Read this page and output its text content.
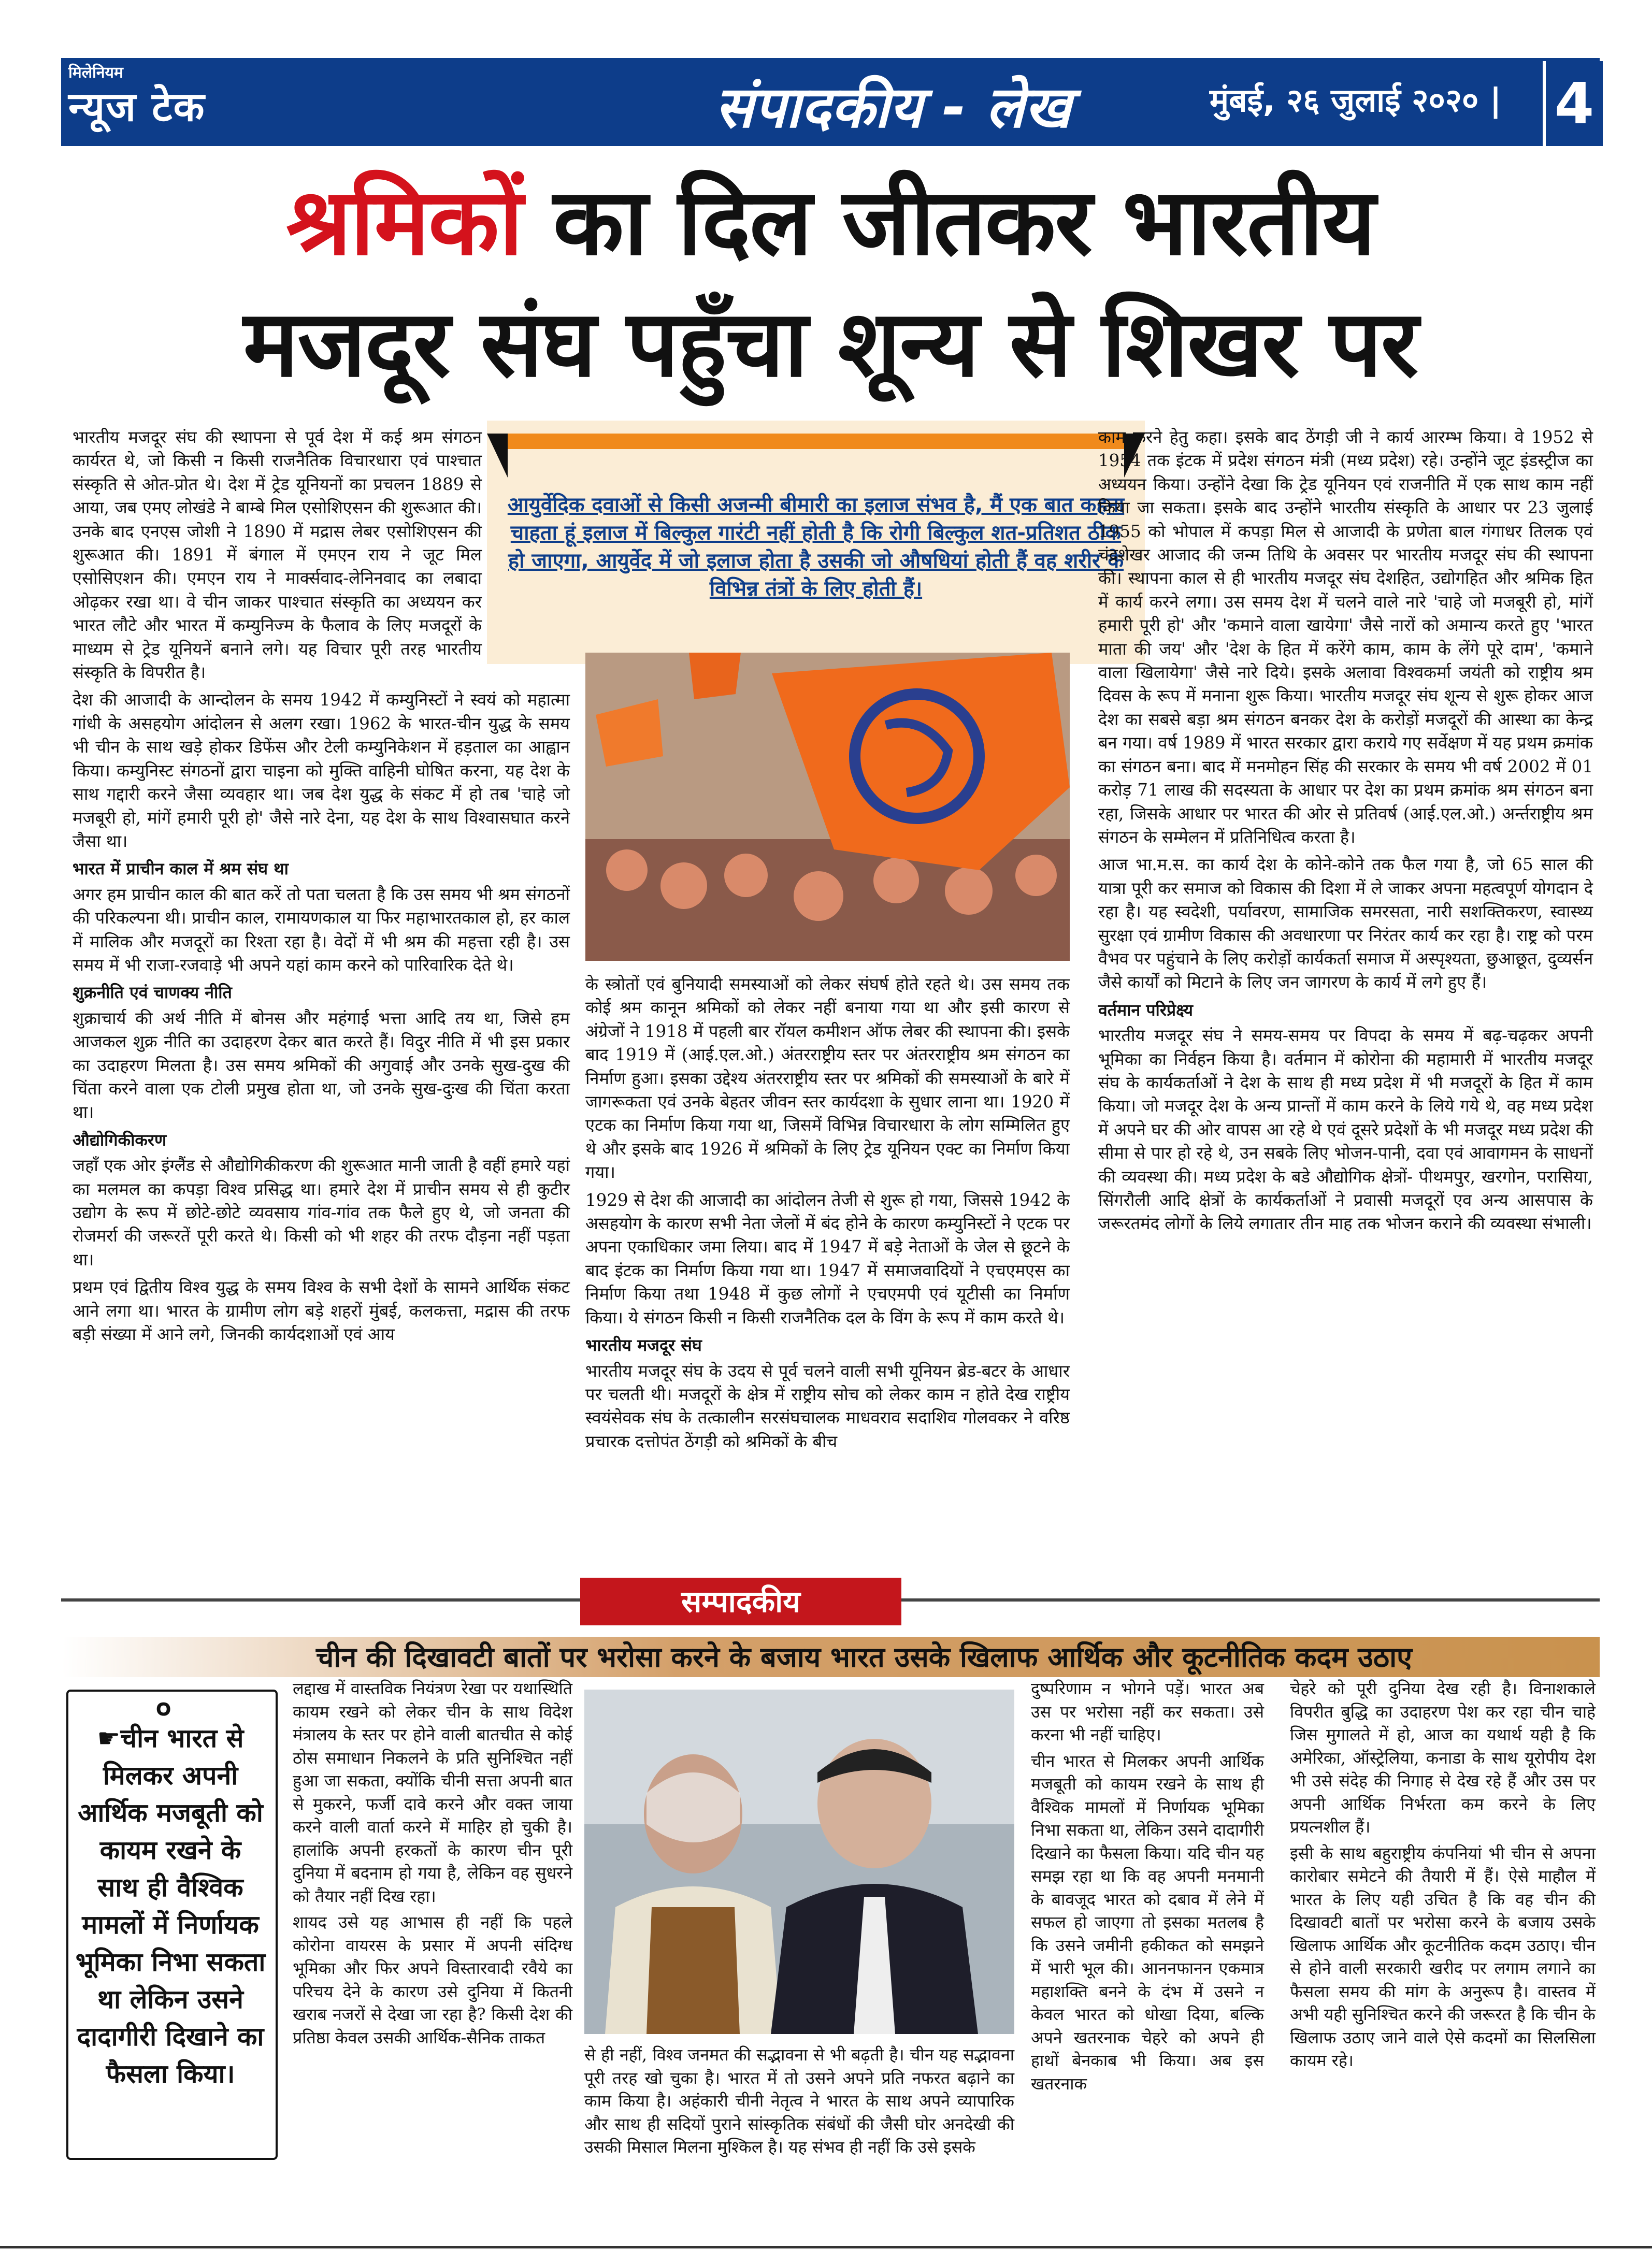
मिलेनियम
न्यूज टेक	संपादकीय - लेख	मुंबई, २६ जुलाई २०२० | 4
श्रमिकों का दिल जीतकर भारतीय
मजदूर संघ पहुँचा शून्य से शिखर पर
आयुर्वेदिक दवाओं से किसी अजन्मी बीमारी का इलाज संभव है, मैं एक बात कहना चाहता हूं इलाज में बिल्कुल गारंटी नहीं होती है कि रोगी बिल्कुल शत-प्रतिशत ठीक हो जाएगा, आयुर्वेद में जो इलाज होता है उसकी जो औषधियां होती हैं वह शरीर के विभिन्न तंत्रों के लिए होती हैं।

भारतीय मजदूर संघ की स्थापना से पूर्व देश में कई श्रम संगठन कार्यरत थे, जो किसी न किसी राजनैतिक विचारधारा एवं पाश्चात संस्कृति से ओत-प्रोत थे। देश में ट्रेड यूनियनों का प्रचलन 1889 से आया, जब एमए लोखंडे ने बाम्बे मिल एसोशिएसन की शुरूआत की। उनके बाद एनएस जोशी ने 1890 में मद्रास लेबर एसोशिएसन की शुरूआत की। 1891 में बंगाल में एमएन राय ने जूट मिल एसोसिएशन की। एमएन राय ने मार्क्सवाद-लेनिनवाद का लबादा ओढ़कर रखा था। वे चीन जाकर पाश्चात संस्कृति का अध्ययन कर भारत लौटे और भारत में कम्युनिज्म के फैलाव के लिए मजदूरों के माध्यम से ट्रेड यूनियनें बनाने लगे। यह विचार पूरी तरह भारतीय संस्कृति के विपरीत है।

देश की आजादी के आन्दोलन के समय 1942 में कम्युनिस्टों ने स्वयं को महात्मा गांधी के असहयोग आंदोलन से अलग रखा। 1962 के भारत-चीन युद्ध के समय भी चीन के साथ खड़े होकर डिफेंस और टेली कम्युनिकेशन में हड़ताल का आह्वान किया। कम्युनिस्ट संगठनों द्वारा चाइना को मुक्ति वाहिनी घोषित करना, यह देश के साथ गद्दारी करने जैसा व्यवहार था। जब देश युद्ध के संकट में हो तब 'चाहे जो मजबूरी हो, मांगें हमारी पूरी हो' जैसे नारे देना, यह देश के साथ विश्वासघात करने जैसा था।

भारत में प्राचीन काल में श्रम संघ था

अगर हम प्राचीन काल की बात करें तो पता चलता है कि उस समय भी श्रम संगठनों की परिकल्पना थी। प्राचीन काल, रामायणकाल या फिर महाभारतकाल हो, हर काल में मालिक और मजदूरों का रिश्ता रहा है। वेदों में भी श्रम की महत्ता रही है। उस समय में भी राजा-रजवाड़े भी अपने यहां काम करने को पारिवारिक देते थे।

शुक्रनीति एवं चाणक्य नीति

शुक्राचार्य की अर्थ नीति में बोनस और महंगाई भत्ता आदि तय था, जिसे हम आजकल शुक्र नीति का उदाहरण देकर बात करते हैं। विदुर नीति में भी इस प्रकार का उदाहरण मिलता है। उस समय श्रमिकों की अगुवाई और उनके सुख-दुख की चिंता करने वाला एक टोली प्रमुख होता था, जो उनके सुख-दुःख की चिंता करता था।

औद्योगिकीकरण

जहाँ एक ओर इंग्लैंड से औद्योगिकीकरण की शुरूआत मानी जाती है वहीं हमारे यहां का मलमल का कपड़ा विश्व प्रसिद्ध था। हमारे देश में प्राचीन समय से ही कुटीर उद्योग के रूप में छोटे-छोटे व्यवसाय गांव-गांव तक फैले हुए थे, जो जनता की रोजमर्रा की जरूरतें पूरी करते थे। किसी को भी शहर की तरफ दौड़ना नहीं पड़ता था।

प्रथम एवं द्वितीय विश्व युद्ध के समय विश्व के सभी देशों के सामने आर्थिक संकट आने लगा था। भारत के ग्रामीण लोग बड़े शहरों मुंबई, कलकत्ता, मद्रास की तरफ बड़ी संख्या में आने लगे, जिनकी कार्यदशाओं एवं आय

के स्त्रोतों एवं बुनियादी समस्याओं को लेकर संघर्ष होते रहते थे। उस समय तक कोई श्रम कानून श्रमिकों को लेकर नहीं बनाया गया था और इसी कारण से अंग्रेजों ने 1918 में पहली बार रॉयल कमीशन ऑफ लेबर की स्थापना की। इसके बाद 1919 में (आई.एल.ओ.) अंतरराष्ट्रीय स्तर पर अंतरराष्ट्रीय श्रम संगठन का निर्माण हुआ। इसका उद्देश्य अंतरराष्ट्रीय स्तर पर श्रमिकों की समस्याओं के बारे में जागरूकता एवं उनके बेहतर जीवन स्तर कार्यदशा के सुधार लाना था। 1920 में एटक का निर्माण किया गया था, जिसमें विभिन्न विचारधारा के लोग सम्मिलित हुए थे और इसके बाद 1926 में श्रमिकों के लिए ट्रेड यूनियन एक्ट का निर्माण किया गया।

1929 से देश की आजादी का आंदोलन तेजी से शुरू हो गया, जिससे 1942 के असहयोग के कारण सभी नेता जेलों में बंद होने के कारण कम्युनिस्टों ने एटक पर अपना एकाधिकार जमा लिया। बाद में 1947 में बड़े नेताओं के जेल से छूटने के बाद इंटक का निर्माण किया गया था। 1947 में समाजवादियों ने एचएमएस का निर्माण किया तथा 1948 में कुछ लोगों ने एचएमपी एवं यूटीसी का निर्माण किया। ये संगठन किसी न किसी राजनैतिक दल के विंग के रूप में काम करते थे।

भारतीय मजदूर संघ

भारतीय मजदूर संघ के उदय से पूर्व चलने वाली सभी यूनियन ब्रेड-बटर के आधार पर चलती थी। मजदूरों के क्षेत्र में राष्ट्रीय सोच को लेकर काम न होते देख राष्ट्रीय स्वयंसेवक संघ के तत्कालीन सरसंघचालक माधवराव सदाशिव गोलवकर ने वरिष्ठ प्रचारक दत्तोपंत ठेंगड़ी को श्रमिकों के बीच

काम करने हेतु कहा। इसके बाद ठेंगड़ी जी ने कार्य आरम्भ किया। वे 1952 से 1954 तक इंटक में प्रदेश संगठन मंत्री (मध्य प्रदेश) रहे। उन्होंने जूट इंडस्ट्रीज का अध्ययन किया। उन्होंने देखा कि ट्रेड यूनियन एवं राजनीति में एक साथ काम नहीं किया जा सकता। इसके बाद उन्होंने भारतीय संस्कृति के आधार पर 23 जुलाई 1955 को भोपाल में कपड़ा मिल से आजादी के प्रणेता बाल गंगाधर तिलक एवं चंद्रशेखर आजाद की जन्म तिथि के अवसर पर भारतीय मजदूर संघ की स्थापना की। स्थापना काल से ही भारतीय मजदूर संघ देशहित, उद्योगहित और श्रमिक हित में कार्य करने लगा। उस समय देश में चलने वाले नारे 'चाहे जो मजबूरी हो, मांगें हमारी पूरी हो' और 'कमाने वाला खायेगा' जैसे नारों को अमान्य करते हुए 'भारत माता की जय' और 'देश के हित में करेंगे काम, काम के लेंगे पूरे दाम', 'कमाने वाला खिलायेगा' जैसे नारे दिये। इसके अलावा विश्वकर्मा जयंती को राष्ट्रीय श्रम दिवस के रूप में मनाना शुरू किया। भारतीय मजदूर संघ शून्य से शुरू होकर आज देश का सबसे बड़ा श्रम संगठन बनकर देश के करोड़ों मजदूरों की आस्था का केन्द्र बन गया। वर्ष 1989 में भारत सरकार द्वारा कराये गए सर्वेक्षण में यह प्रथम क्रमांक का संगठन बना। बाद में मनमोहन सिंह की सरकार के समय भी वर्ष 2002 में 01 करोड़ 71 लाख की सदस्यता के आधार पर देश का प्रथम क्रमांक श्रम संगठन बना रहा, जिसके आधार पर भारत की ओर से प्रतिवर्ष (आई.एल.ओ.) अर्न्तराष्ट्रीय श्रम संगठन के सम्मेलन में प्रतिनिधित्व करता है।

आज भा.म.स. का कार्य देश के कोने-कोने तक फैल गया है, जो 65 साल की यात्रा पूरी कर समाज को विकास की दिशा में ले जाकर अपना महत्वपूर्ण योगदान दे रहा है। यह स्वदेशी, पर्यावरण, सामाजिक समरसता, नारी सशक्तिकरण, स्वास्थ्य सुरक्षा एवं ग्रामीण विकास की अवधारणा पर निरंतर कार्य कर रहा है। राष्ट्र को परम वैभव पर पहुंचाने के लिए करोड़ों कार्यकर्ता समाज में अस्पृश्यता, छुआछूत, दुव्यर्सन जैसे कार्यों को मिटाने के लिए जन जागरण के कार्य में लगे हुए हैं।

वर्तमान परिप्रेक्ष्य

भारतीय मजदूर संघ ने समय-समय पर विपदा के समय में बढ़-चढ़कर अपनी भूमिका का निर्वहन किया है। वर्तमान में कोरोना की महामारी में भारतीय मजदूर संघ के कार्यकर्ताओं ने देश के साथ ही मध्य प्रदेश में भी मजदूरों के हित में काम किया। जो मजदूर देश के अन्य प्रान्तों में काम करने के लिये गये थे, वह मध्य प्रदेश में अपने घर की ओर वापस आ रहे थे एवं दूसरे प्रदेशों के भी मजदूर मध्य प्रदेश की सीमा से पार हो रहे थे, उन सबके लिए भोजन-पानी, दवा एवं आवागमन के साधनों की व्यवस्था की। मध्य प्रदेश के बडे औद्योगिक क्षेत्रों- पीथमपुर, खरगोन, परासिया, सिंगरौली आदि क्षेत्रों के कार्यकर्ताओं ने प्रवासी मजदूरों एव अन्य आसपास के जरूरतमंद लोगों के लिये लगातार तीन माह तक भोजन कराने की व्यवस्था संभाली।

सम्पादकीय
चीन की दिखावटी बातों पर भरोसा करने के बजाय भारत उसके खिलाफ आर्थिक और कूटनीतिक कदम उठाए
०
☛चीन भारत से मिलकर अपनी आर्थिक मजबूती को कायम रखने के साथ ही वैश्विक मामलों में निर्णायक भूमिका निभा सकता था लेकिन उसने दादागीरी दिखाने का फैसला किया।

लद्दाख में वास्तविक नियंत्रण रेखा पर यथास्थिति कायम रखने को लेकर चीन के साथ विदेश मंत्रालय के स्तर पर होने वाली बातचीत से कोई ठोस समाधान निकलने के प्रति सुनिश्चित नहीं हुआ जा सकता, क्योंकि चीनी सत्ता अपनी बात से मुकरने, फर्जी दावे करने और वक्त जाया करने वाली वार्ता करने में माहिर हो चुकी है। हालांकि अपनी हरकतों के कारण चीन पूरी दुनिया में बदनाम हो गया है, लेकिन वह सुधरने को तैयार नहीं दिख रहा।

शायद उसे यह आभास ही नहीं कि पहले कोरोना वायरस के प्रसार में अपनी संदिग्ध भूमिका और फिर अपने विस्तारवादी रवैये का परिचय देने के कारण उसे दुनिया में कितनी खराब नजरों से देखा जा रहा है? किसी देश की प्रतिष्ठा केवल उसकी आर्थिक-सैनिक ताकत

से ही नहीं, विश्व जनमत की सद्भावना से भी बढ़ती है। चीन यह सद्भावना पूरी तरह खो चुका है। भारत में तो उसने अपने प्रति नफरत बढ़ाने का काम किया है। अहंकारी चीनी नेतृत्व ने भारत के साथ अपने व्यापारिक और साथ ही सदियों पुराने सांस्कृतिक संबंधों की जैसी घोर अनदेखी की उसकी मिसाल मिलना मुश्किल है। यह संभव ही नहीं कि उसे इसके

दुष्परिणाम न भोगने पड़ें। भारत अब उस पर भरोसा नहीं कर सकता। उसे करना भी नहीं चाहिए।

चीन भारत से मिलकर अपनी आर्थिक मजबूती को कायम रखने के साथ ही वैश्विक मामलों में निर्णायक भूमिका निभा सकता था, लेकिन उसने दादागीरी दिखाने का फैसला किया। यदि चीन यह समझ रहा था कि वह अपनी मनमानी के बावजूद भारत को दबाव में लेने में सफल हो जाएगा तो इसका मतलब है कि उसने जमीनी हकीकत को समझने में भारी भूल की। आननफानन एकमात्र महाशक्ति बनने के दंभ में उसने न केवल भारत को धोखा दिया, बल्कि अपने खतरनाक चेहरे को अपने ही हाथों बेनकाब भी किया। अब इस खतरनाक

चेहरे को पूरी दुनिया देख रही है। विनाशकाले विपरीत बुद्धि का उदाहरण पेश कर रहा चीन चाहे जिस मुगालते में हो, आज का यथार्थ यही है कि अमेरिका, ऑस्ट्रेलिया, कनाडा के साथ यूरोपीय देश भी उसे संदेह की निगाह से देख रहे हैं और उस पर अपनी आर्थिक निर्भरता कम करने के लिए प्रयत्नशील हैं।

इसी के साथ बहुराष्ट्रीय कंपनियां भी चीन से अपना कारोबार समेटने की तैयारी में हैं। ऐसे माहौल में भारत के लिए यही उचित है कि वह चीन की दिखावटी बातों पर भरोसा करने के बजाय उसके खिलाफ आर्थिक और कूटनीतिक कदम उठाए। चीन से होने वाली सरकारी खरीद पर लगाम लगाने का फैसला समय की मांग के अनुरूप है। वास्तव में अभी यही सुनिश्चित करने की जरूरत है कि चीन के खिलाफ उठाए जाने वाले ऐसे कदमों का सिलसिला कायम रहे।
